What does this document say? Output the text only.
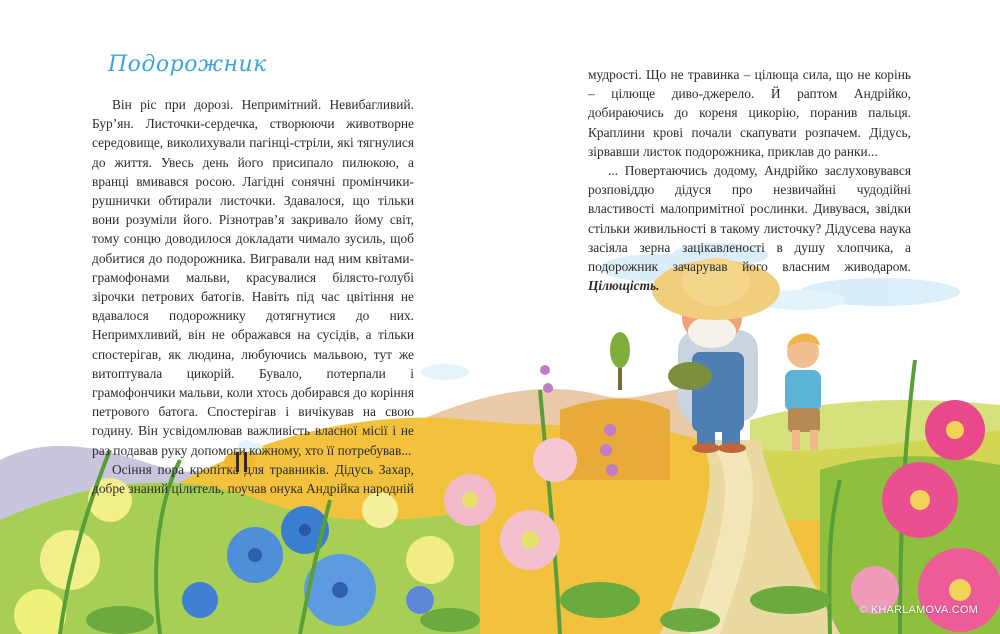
Подорожник

Він ріс при дорозі. Непримітний. Невибагливий. Бур’ян. Листочки-сердечка, створюючи животворне середовище, виколихували пагінці-стріли, які тягнулися до життя. Увесь день його присипало пилюкою, а вранці вмивався росою. Лагідні сонячні промінчики-рушнички обтирали листочки. Здавалося, що тільки вони розуміли його. Різнотрав’я закривало йому світ, тому сонцю доводилося докладати чимало зусиль, щоб добитися до подорожника. Вигравали над ним квітами-грамофонами мальви, красувалися білясто-голубі зірочки петрових батогів. Навіть під час цвітіння не вдавалося подорожнику дотягнутися до них. Непримхливий, він не ображався на сусідів, а тільки спостерігав, як людина, любуючись мальвою, тут же витоптувала цикорій. Бувало, потерпали і грамофончики мальви, коли хтось добирався до коріння петрового батога. Спостерігав і вичікував на свою годину. Він усвідомлював важливість власної місії і не раз подавав руку допомоги кожному, хто її потребував...

Осіння пора кропітка для травників. Дідусь Захар, добре знаний цілитель, поучав онука Андрійка народній

мудрості. Що не травинка – цілюща сила, що не корінь – цілюще диво-джерело. Й раптом Андрійко, добираючись до кореня цикорію, поранив пальця. Краплини крові почали скапувати розпачем. Дідусь, зірвавши листок подорожника, приклав до ранки...

... Повертаючись додому, Андрійко заслуховувався розповіддю дідуся про незвичайні чудодійні властивості малопримітної рослинки. Дивувася, звідки стільки живильності в такому листочку? Дідусева наука засіяла зерна зацікавленості в душу хлопчика, а подорожник зачарував його власним живодаром. Цілющість.

© KHARLAMOVA.COM
